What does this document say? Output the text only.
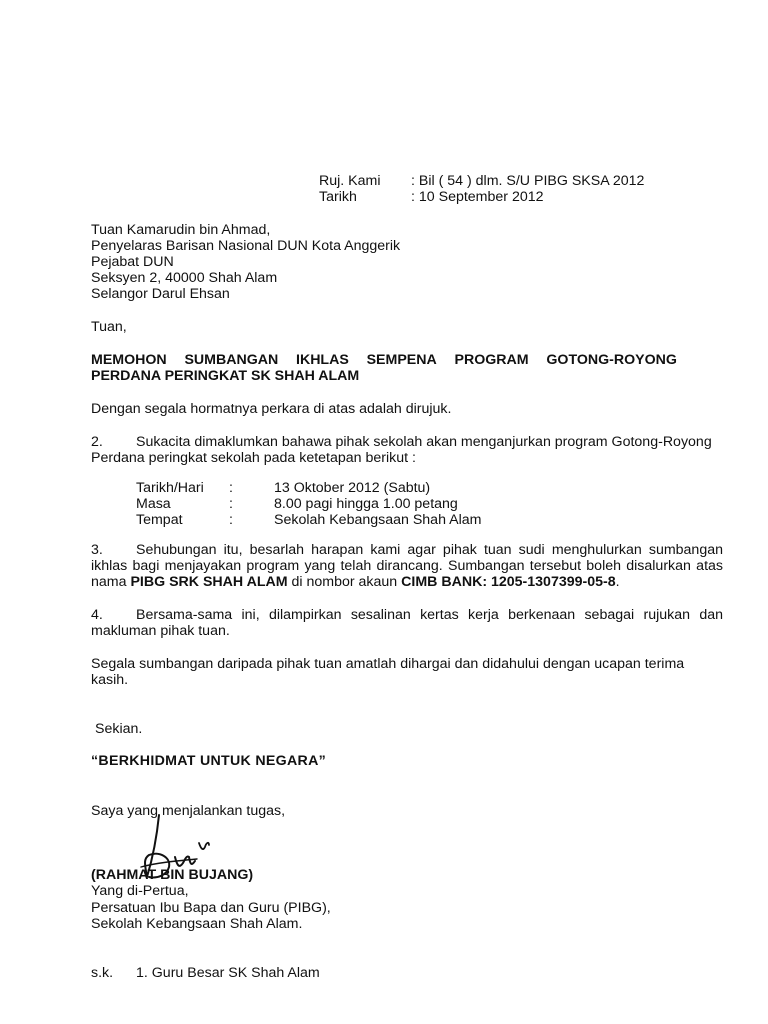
Ruj. Kami : Bil ( 54 ) dlm. S/U PIBG SKSA 2012
Tarikh	: 10 September 2012
Tuan Kamarudin bin Ahmad,
Penyelaras Barisan Nasional DUN Kota Anggerik
Pejabat DUN
Seksyen 2, 40000 Shah Alam
Selangor Darul Ehsan
Tuan,
MEMOHON SUMBANGAN IKHLAS SEMPENA PROGRAM GOTONG-ROYONG
PERDANA PERINGKAT SK SHAH ALAM
Dengan segala hormatnya perkara di atas adalah dirujuk.
2. Sukacita dimaklumkan bahawa pihak sekolah akan menganjurkan program Gotong-Royong
Perdana peringkat sekolah pada ketetapan berikut :
Tarikh/Hari :	13 Oktober 2012 (Sabtu)
Masa	:	8.00 pagi hingga 1.00 petang
Tempat	:	Sekolah Kebangsaan Shah Alam
3. Sehubungan itu, besarlah harapan kami agar pihak tuan sudi menghulurkan sumbangan
ikhlas bagi menjayakan program yang telah dirancang. Sumbangan tersebut boleh disalurkan atas
nama PIBG SRK SHAH ALAM di nombor akaun CIMB BANK: 1205-1307399-05-8.
4. Bersama-sama ini, dilampirkan sesalinan kertas kerja berkenaan sebagai rujukan dan
makluman pihak tuan.
Segala sumbangan daripada pihak tuan amatlah dihargai dan didahului dengan ucapan terima
kasih.
Sekian.
“BERKHIDMAT UNTUK NEGARA”
Saya yang menjalankan tugas,
(RAHMAT BIN BUJANG)
Yang di-Pertua,
Persatuan Ibu Bapa dan Guru (PIBG),
Sekolah Kebangsaan Shah Alam.
s.k. 1. Guru Besar SK Shah Alam
